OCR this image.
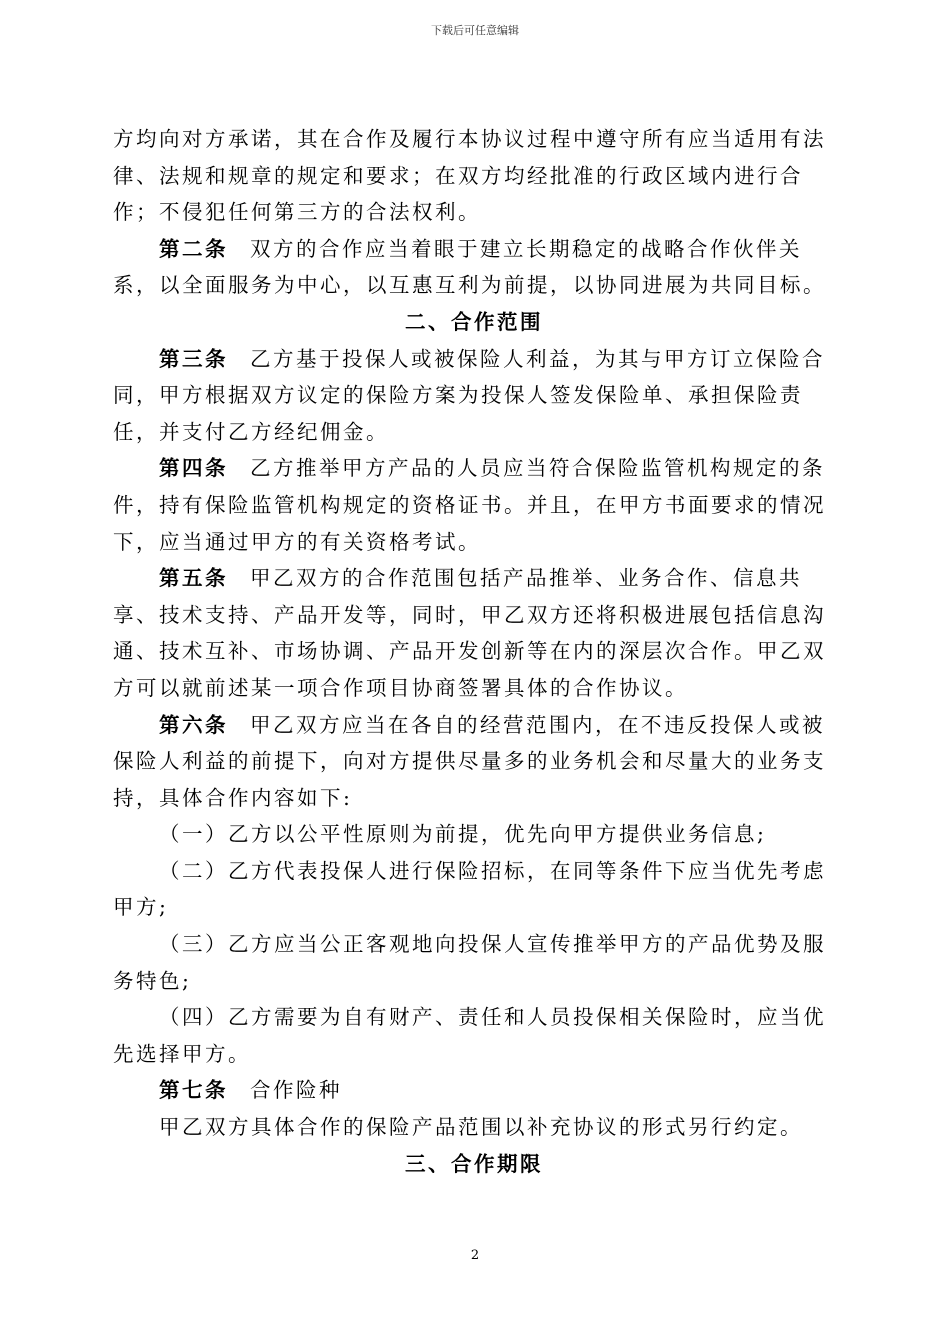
下载后可任意编辑

方均向对方承诺，其在合作及履行本协议过程中遵守所有应当适用有法律、法规和规章的规定和要求；在双方均经批准的行政区域内进行合作；不侵犯任何第三方的合法权利。

第二条 双方的合作应当着眼于建立长期稳定的战略合作伙伴关系，以全面服务为中心，以互惠互利为前提，以协同进展为共同目标。

二、合作范围

第三条 乙方基于投保人或被保险人利益，为其与甲方订立保险合同，甲方根据双方议定的保险方案为投保人签发保险单、承担保险责任，并支付乙方经纪佣金。

第四条 乙方推举甲方产品的人员应当符合保险监管机构规定的条件，持有保险监管机构规定的资格证书。并且，在甲方书面要求的情况下，应当通过甲方的有关资格考试。

第五条 甲乙双方的合作范围包括产品推举、业务合作、信息共享、技术支持、产品开发等，同时，甲乙双方还将积极进展包括信息沟通、技术互补、市场协调、产品开发创新等在内的深层次合作。甲乙双方可以就前述某一项合作项目协商签署具体的合作协议。

第六条 甲乙双方应当在各自的经营范围内，在不违反投保人或被保险人利益的前提下，向对方提供尽量多的业务机会和尽量大的业务支持，具体合作内容如下:

（一）乙方以公平性原则为前提，优先向甲方提供业务信息;

（二）乙方代表投保人进行保险招标，在同等条件下应当优先考虑甲方;

（三）乙方应当公正客观地向投保人宣传推举甲方的产品优势及服务特色;

（四）乙方需要为自有财产、责任和人员投保相关保险时，应当优先选择甲方。

第七条 合作险种

甲乙双方具体合作的保险产品范围以补充协议的形式另行约定。

三、合作期限

2
